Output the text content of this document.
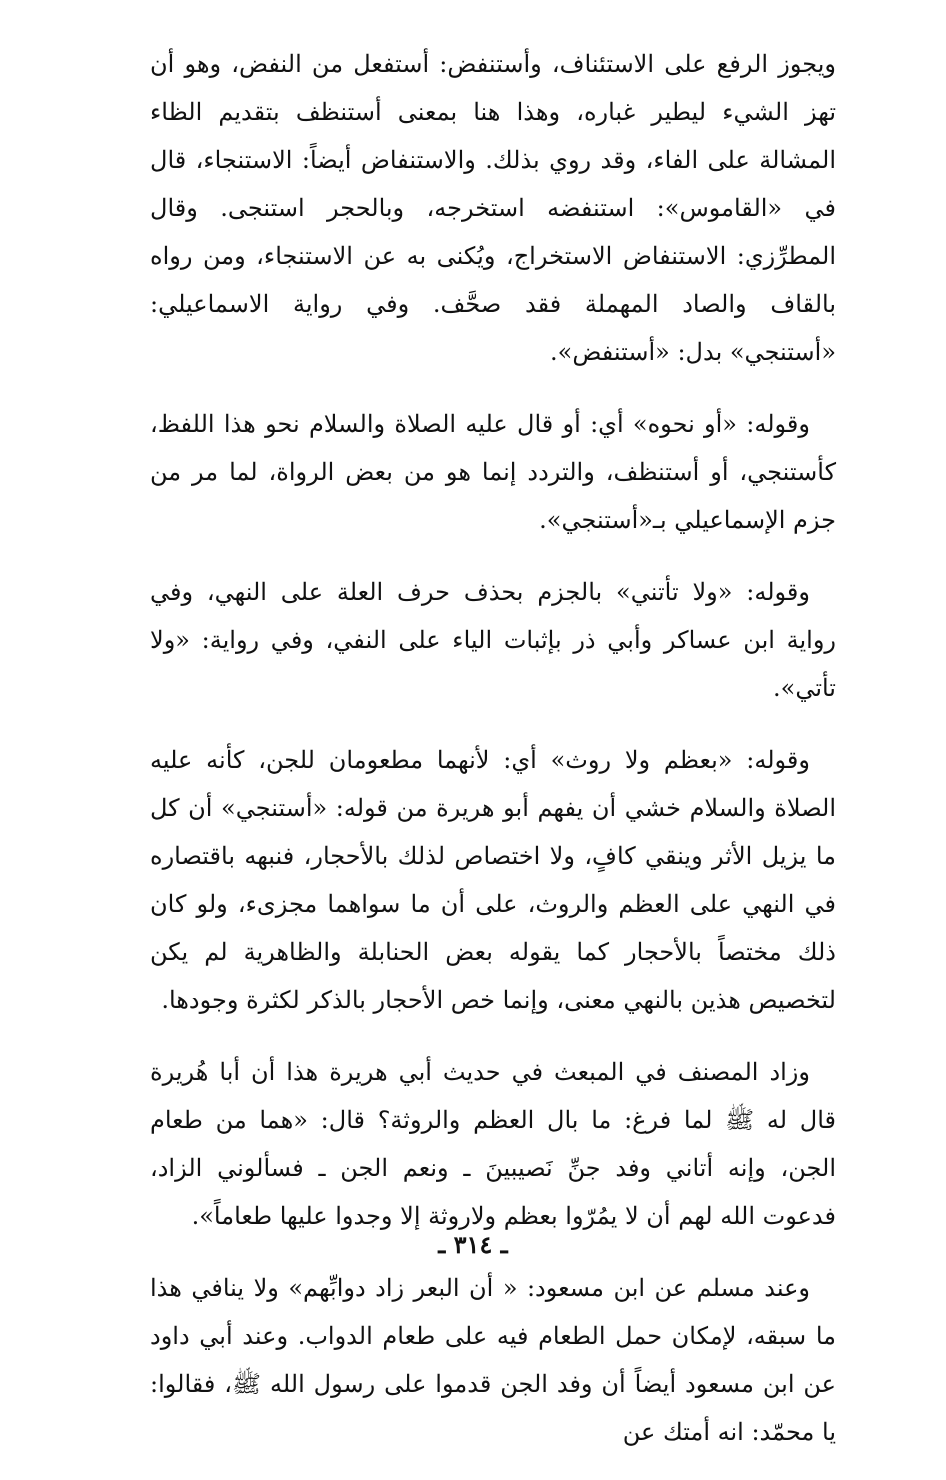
ويجوز الرفع على الاستئناف، وأستنفض: أستفعل من النفض، وهو أن تهز الشيء ليطير غباره، وهذا هنا بمعنى أستنظف بتقديم الظاء المشالة على الفاء، وقد روي بذلك. والاستنفاض أيضاً: الاستنجاء، قال في «القاموس»: استنفضه استخرجه، وبالحجر استنجى. وقال المطرِّزي: الاستنفاض الاستخراج، ويُكنى به عن الاستنجاء، ومن رواه بالقاف والصاد المهملة فقد صحَّف. وفي رواية الاسماعيلي: «أستنجي» بدل: «أستنفض».

وقوله: «أو نحوه» أي: أو قال عليه الصلاة والسلام نحو هذا اللفظ، كأستنجي، أو أستنظف، والتردد إنما هو من بعض الرواة، لما مر من جزم الإسماعيلي بـ«أستنجي».

وقوله: «ولا تأتني» بالجزم بحذف حرف العلة على النهي، وفي رواية ابن عساكر وأبي ذر بإثبات الياء على النفي، وفي رواية: «ولا تأتي».

وقوله: «بعظم ولا روث» أي: لأنهما مطعومان للجن، كأنه عليه الصلاة والسلام خشي أن يفهم أبو هريرة من قوله: «أستنجي» أن كل ما يزيل الأثر وينقي كافٍ، ولا اختصاص لذلك بالأحجار، فنبهه باقتصاره في النهي على العظم والروث، على أن ما سواهما مجزىء، ولو كان ذلك مختصاً بالأحجار كما يقوله بعض الحنابلة والظاهرية لم يكن لتخصيص هذين بالنهي معنى، وإنما خص الأحجار بالذكر لكثرة وجودها.

وزاد المصنف في المبعث في حديث أبي هريرة هذا أن أبا هُريرة قال له ﷺ لما فرغ: ما بال العظم والروثة؟ قال: «هما من طعام الجن، وإنه أتاني وفد جنِّ نَصيبينَ ـ ونعم الجن ـ فسألوني الزاد، فدعوت الله لهم أن لا يمُرّوا بعظم ولاروثة إلا وجدوا عليها طعاماً».

وعند مسلم عن ابن مسعود: « أن البعر زاد دوابِّهم» ولا ينافي هذا ما سبقه، لإمكان حمل الطعام فيه على طعام الدواب. وعند أبي داود عن ابن مسعود أيضاً أن وفد الجن قدموا على رسول الله ﷺ، فقالوا: يا محمّد: انه أمتك عن

ـ ٣١٤ ـ
